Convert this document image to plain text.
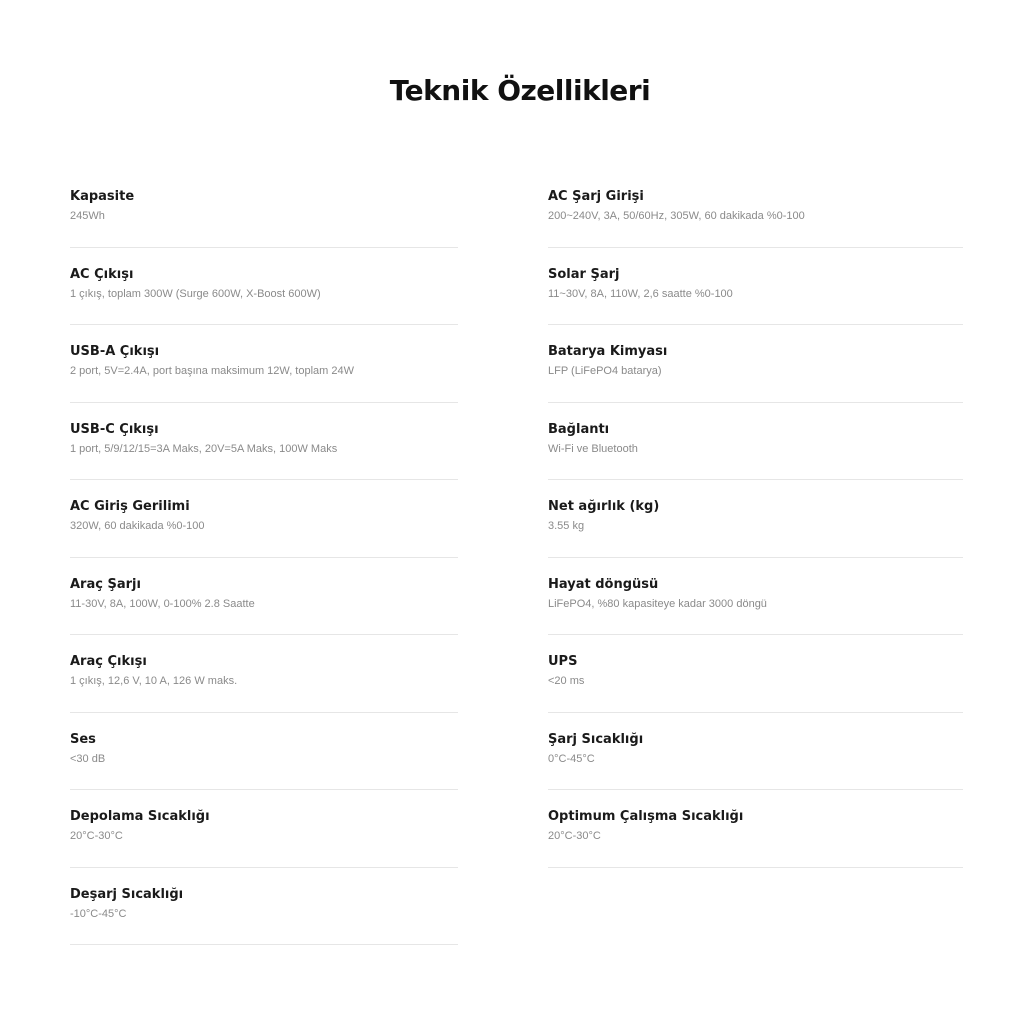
Teknik Özellikleri
Kapasite
245Wh
AC Çıkışı
1 çıkış, toplam 300W (Surge 600W, X-Boost 600W)
USB-A Çıkışı
2 port, 5V=2.4A, port başına maksimum 12W, toplam 24W
USB-C Çıkışı
1 port, 5/9/12/15=3A Maks, 20V=5A Maks, 100W Maks
AC Giriş Gerilimi
320W, 60 dakikada %0-100
Araç Şarjı
11-30V, 8A, 100W, 0-100% 2.8 Saatte
Araç Çıkışı
1 çıkış, 12,6 V, 10 A, 126 W maks.
Ses
<30 dB
Depolama Sıcaklığı
20°C-30°C
Deşarj Sıcaklığı
-10°C-45°C
AC Şarj Girişi
200~240V, 3A, 50/60Hz, 305W, 60 dakikada %0-100
Solar Şarj
11~30V, 8A, 110W, 2,6 saatte %0-100
Batarya Kimyası
LFP (LiFePO4 batarya)
Bağlantı
Wi-Fi ve Bluetooth
Net ağırlık (kg)
3.55 kg
Hayat döngüsü
LiFePO4, %80 kapasiteye kadar 3000 döngü
UPS
<20 ms
Şarj Sıcaklığı
0°C-45°C
Optimum Çalışma Sıcaklığı
20°C-30°C
